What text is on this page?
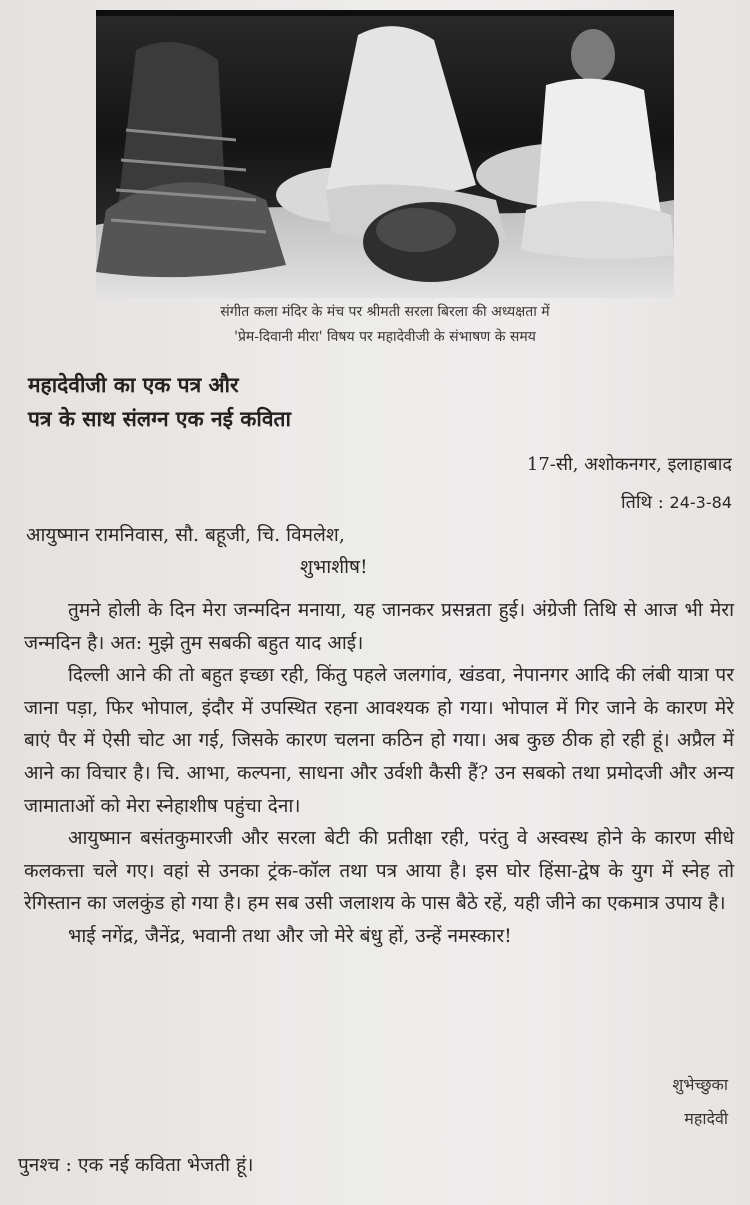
संगीत कला मंदिर के मंच पर श्रीमती सरला बिरला की अध्यक्षता में
'प्रेम-दिवानी मीरा' विषय पर महादेवीजी के संभाषण के समय
महादेवीजी का एक पत्र और
पत्र के साथ संलग्न एक नई कविता
17-सी, अशोकनगर, इलाहाबाद
तिथि : 24-3-84
आयुष्मान रामनिवास, सौ. बहूजी, चि. विमलेश,
शुभाशीष!

तुमने होली के दिन मेरा जन्मदिन मनाया, यह जानकर प्रसन्नता हुई। अंग्रेजी तिथि से आज भी मेरा जन्मदिन है। अत: मुझे तुम सबकी बहुत याद आई।

दिल्ली आने की तो बहुत इच्छा रही, किंतु पहले जलगांव, खंडवा, नेपानगर आदि की लंबी यात्रा पर जाना पड़ा, फिर भोपाल, इंदौर में उपस्थित रहना आवश्यक हो गया। भोपाल में गिर जाने के कारण मेरे बाएं पैर में ऐसी चोट आ गई, जिसके कारण चलना कठिन हो गया। अब कुछ ठीक हो रही हूं। अप्रैल में आने का विचार है। चि. आभा, कल्पना, साधना और उर्वशी कैसी हैं? उन सबको तथा प्रमोदजी और अन्य जामाताओं को मेरा स्नेहाशीष पहुंचा देना।

आयुष्मान बसंतकुमारजी और सरला बेटी की प्रतीक्षा रही, परंतु वे अस्वस्थ होने के कारण सीधे कलकत्ता चले गए। वहां से उनका ट्रंक-कॉल तथा पत्र आया है। इस घोर हिंसा-द्वेष के युग में स्नेह तो रेगिस्तान का जलकुंड हो गया है। हम सब उसी जलाशय के पास बैठे रहें, यही जीने का एकमात्र उपाय है।

भाई नगेंद्र, जैनेंद्र, भवानी तथा और जो मेरे बंधु हों, उन्हें नमस्कार!

शुभेच्छुका
महादेवी
पुनश्च : एक नई कविता भेजती हूं।
